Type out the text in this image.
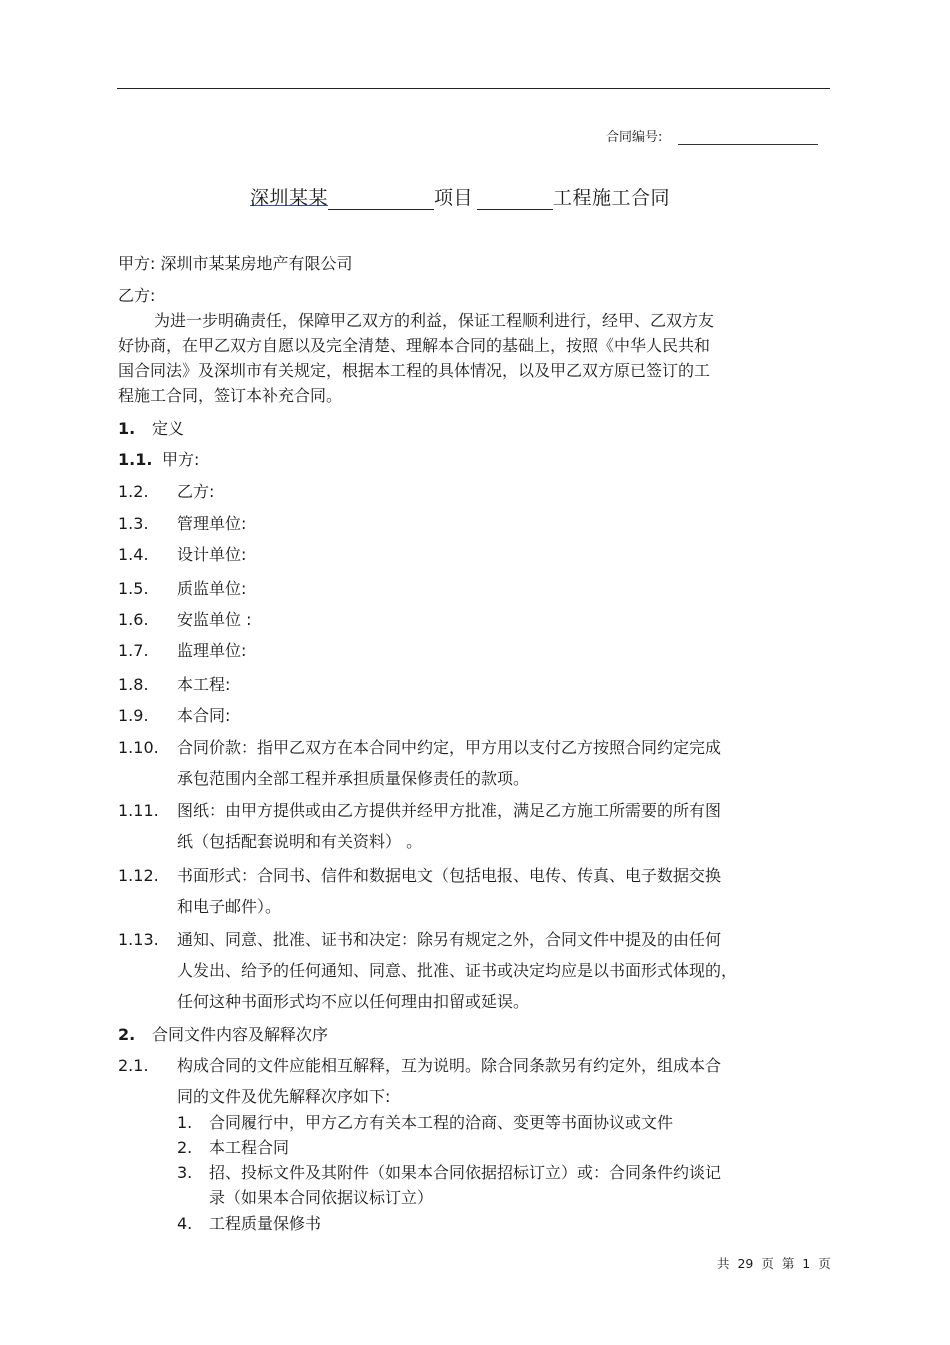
合同编号:
深圳某某	项目	工程施工合同
甲方: 深圳市某某房地产有限公司
乙方:
为进一步明确责任，保障甲乙双方的利益，保证工程顺利进行，经甲、乙双方友
好协商，在甲乙双方自愿以及完全清楚、理解本合同的基础上，按照《中华人民共和
国合同法》及深圳市有关规定，根据本工程的具体情况，以及甲乙双方原已签订的工
程施工合同，签订本补充合同。
1. 定义
1.1. 甲方:
1.2. 乙方:
1.3. 管理单位:
1.4. 设计单位:
1.5. 质监单位:
1.6. 安监单位 :
1.7. 监理单位:
1.8. 本工程:
1.9. 本合同:
1.10. 合同价款：指甲乙双方在本合同中约定，甲方用以支付乙方按照合同约定完成
承包范围内全部工程并承担质量保修责任的款项。
1.11. 图纸：由甲方提供或由乙方提供并经甲方批准，满足乙方施工所需要的所有图
纸（包括配套说明和有关资料） 。
1.12. 书面形式：合同书、信件和数据电文（包括电报、电传、传真、电子数据交换
和电子邮件）。
1.13. 通知、同意、批准、证书和决定：除另有规定之外，合同文件中提及的由任何
人发出、给予的任何通知、同意、批准、证书或决定均应是以书面形式体现的，
任何这种书面形式均不应以任何理由扣留或延误。
2. 合同文件内容及解释次序
2.1. 构成合同的文件应能相互解释，互为说明。除合同条款另有约定外，组成本合
同的文件及优先解释次序如下:
1. 合同履行中，甲方乙方有关本工程的洽商、变更等书面协议或文件
2. 本工程合同
3. 招、投标文件及其附件（如果本合同依据招标订立）或：合同条件约谈记
录（如果本合同依据议标订立）
4. 工程质量保修书
共 29 页 第 1 页
